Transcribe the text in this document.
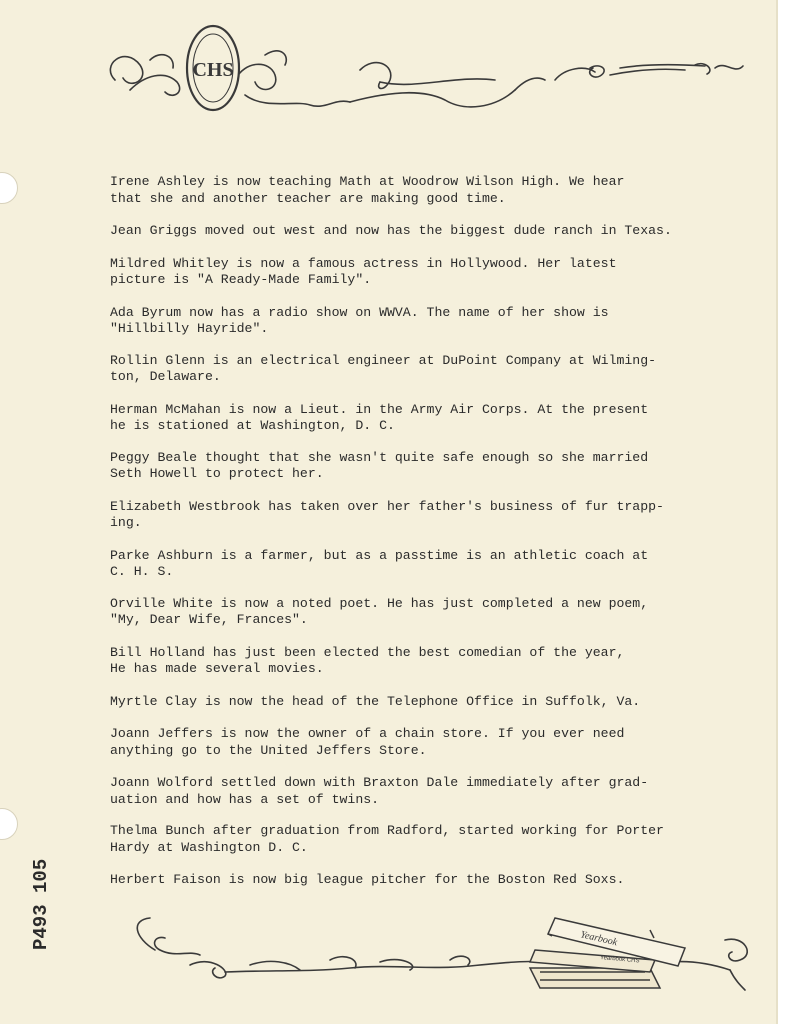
CHS

Irene Ashley is now teaching Math at Woodrow Wilson High. We hear
that she and another teacher are making good time.

Jean Griggs moved out west and now has the biggest dude ranch in Texas.

Mildred Whitley is now a famous actress in Hollywood. Her latest
picture is "A Ready-Made Family".

Ada Byrum now has a radio show on WWVA. The name of her show is
"Hillbilly Hayride".

Rollin Glenn is an electrical engineer at DuPoint Company at Wilming-
ton, Delaware.

Herman McMahan is now a Lieut. in the Army Air Corps. At the present
he is stationed at Washington, D. C.

Peggy Beale thought that she wasn't quite safe enough so she married
Seth Howell to protect her.

Elizabeth Westbrook has taken over her father's business of fur trapp-
ing.

Parke Ashburn is a farmer, but as a passtime is an athletic coach at
C. H. S.

Orville White is now a noted poet. He has just completed a new poem,
"My, Dear Wife, Frances".

Bill Holland has just been elected the best comedian of the year,
He has made several movies.

Myrtle Clay is now the head of the Telephone Office in Suffolk, Va.

Joann Jeffers is now the owner of a chain store. If you ever need
anything go to the United Jeffers Store.

Joann Wolford settled down with Braxton Dale immediately after grad-
uation and how has a set of twins.

Thelma Bunch after graduation from Radford, started working for Porter
Hardy at Washington D. C.

Herbert Faison is now big league pitcher for the Boston Red Soxs.

P493 105	Yearbook
Yearbook CHS
